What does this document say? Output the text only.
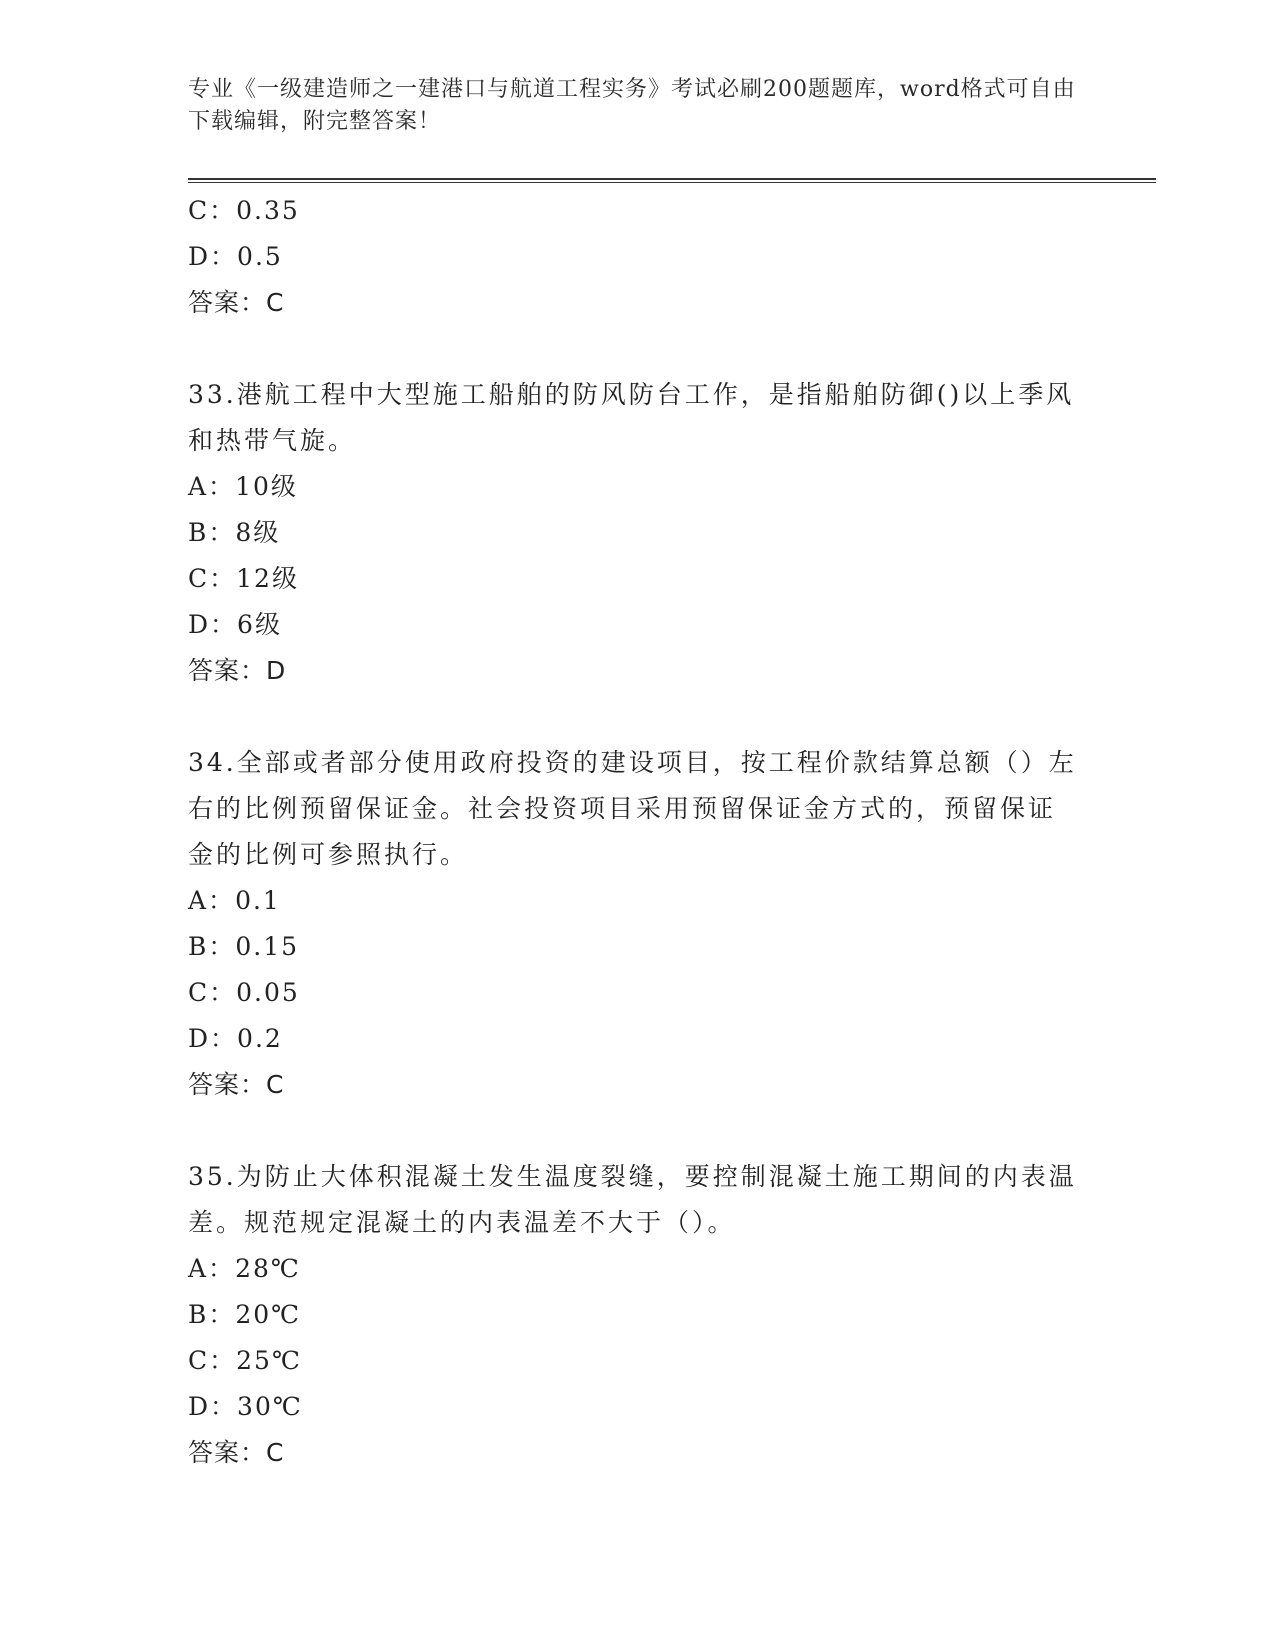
专业《一级建造师之一建港口与航道工程实务》考试必刷200题题库，word格式可自由下载编辑，附完整答案！
C：0.35
D：0.5
答案：C
33.港航工程中大型施工船舶的防风防台工作，是指船舶防御()以上季风和热带气旋。
A：10级
B：8级
C：12级
D：6级
答案：D
34.全部或者部分使用政府投资的建设项目，按工程价款结算总额（）左右的比例预留保证金。社会投资项目采用预留保证金方式的，预留保证金的比例可参照执行。
A：0.1
B：0.15
C：0.05
D：0.2
答案：C
35.为防止大体积混凝土发生温度裂缝，要控制混凝土施工期间的内表温差。规范规定混凝土的内表温差不大于（）。
A：28℃
B：20℃
C：25℃
D：30℃
答案：C
